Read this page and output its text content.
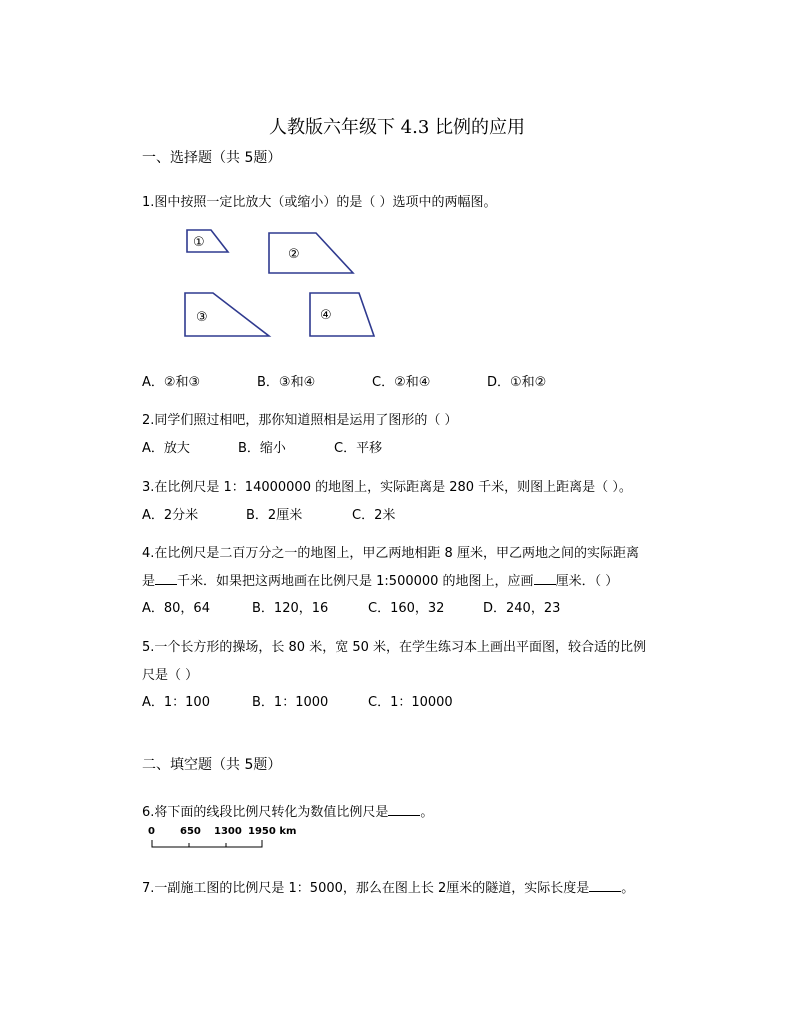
人教版六年级下 4.3 比例的应用
一、选择题（共 5题）
1.图中按照一定比放大（或缩小）的是（ ）选项中的两幅图。
①
②
③	④
A．②和③	B．③和④	C．②和④	D．①和②
2.同学们照过相吧，那你知道照相是运用了图形的（ ）
A．放大	B．缩小	C．平移
3.在比例尺是 1：14000000 的地图上，实际距离是 280 千米，则图上距离是（ ）。
A．2分米	B．2厘米	C．2米
4.在比例尺是二百万分之一的地图上，甲乙两地相距 8 厘米，甲乙两地之间的实际距离
是 千米．如果把这两地画在比例尺是 1:500000 的地图上，应画 厘米．（ ）
A．80，64	B．120，16	C．160，32	D．240，23
5.一个长方形的操场，长 80 米，宽 50 米，在学生练习本上画出平面图，较合适的比例
尺是（ ）
A．1：100	B．1：1000	C．1：10000
二、填空题（共 5题）
6.将下面的线段比例尺转化为数值比例尺是 。
0	650 1300 1950 km
7.一副施工图的比例尺是 1：5000，那么在图上长 2厘米的隧道，实际长度是 。
